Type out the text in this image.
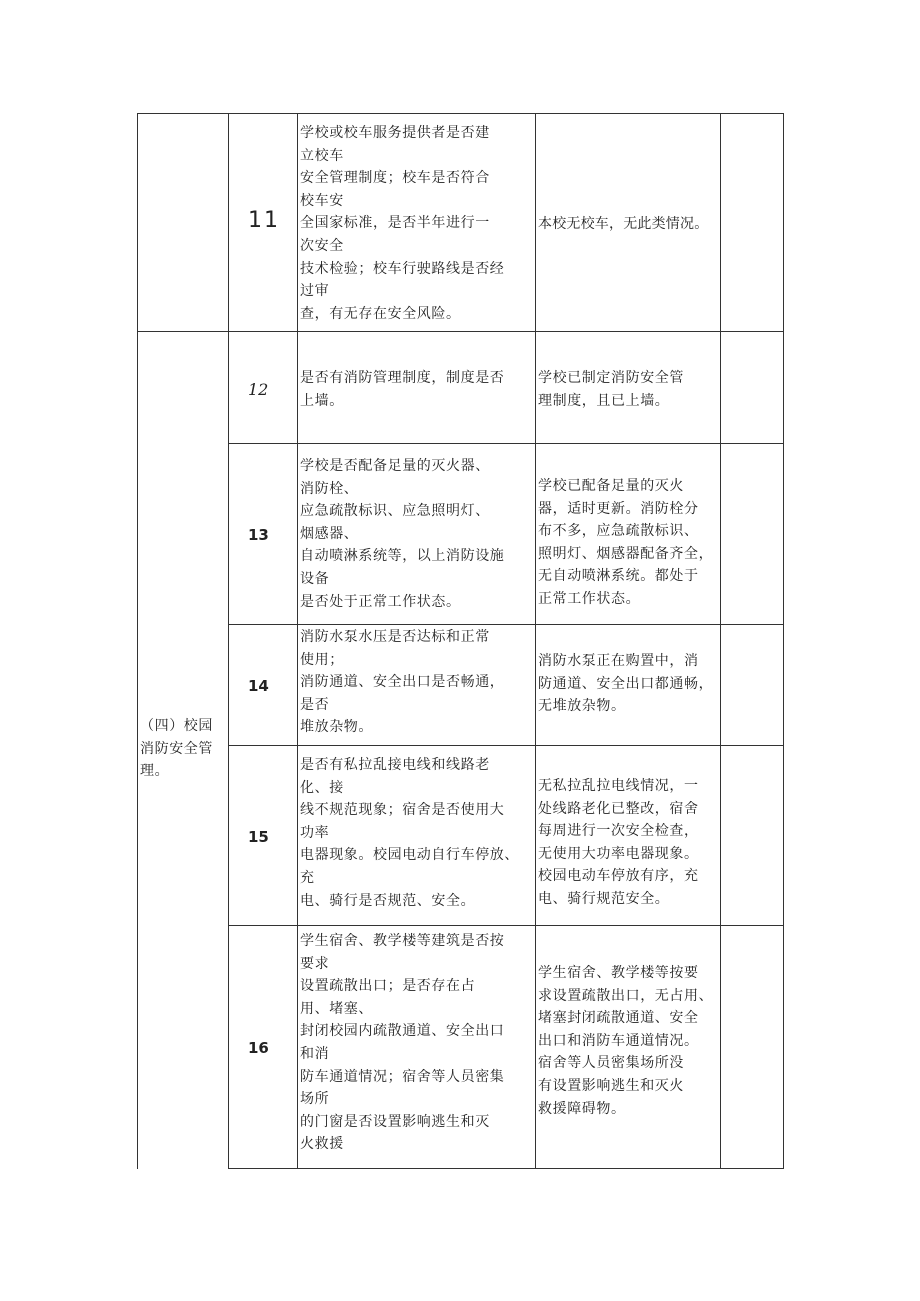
（四）校园
消防安全管
理。
11
学校或校车服务提供者是否建
立校车
安全管理制度；校车是否符合
校车安
全国家标准，是否半年进行一
次安全
技术检验；校车行驶路线是否经
过审
查，有无存在安全风险。
本校无校车，无此类情况。
12
是否有消防管理制度，制度是否
上墙。
学校已制定消防安全管
理制度，且已上墙。
13
学校是否配备足量的灭火器、
消防栓、
应急疏散标识、应急照明灯、
烟感器、
自动喷淋系统等，以上消防设施
设备
是否处于正常工作状态。
学校已配备足量的灭火
器，适时更新。消防栓分
布不多，应急疏散标识、
照明灯、烟感器配备齐全，
无自动喷淋系统。都处于
正常工作状态。
14
消防水泵水压是否达标和正常
使用；
消防通道、安全出口是否畅通，
是否
堆放杂物。
消防水泵正在购置中，消
防通道、安全出口都通畅，
无堆放杂物。
15
是否有私拉乱接电线和线路老
化、接
线不规范现象；宿舍是否使用大
功率
电器现象。校园电动自行车停放、
充
电、骑行是否规范、安全。
无私拉乱拉电线情况，一
处线路老化已整改，宿舍
每周进行一次安全检查，
无使用大功率电器现象。
校园电动车停放有序，充
电、骑行规范安全。
16
学生宿舍、教学楼等建筑是否按
要求
设置疏散出口；是否存在占
用、堵塞、
封闭校园内疏散通道、安全出口
和消
防车通道情况；宿舍等人员密集
场所
的门窗是否设置影响逃生和灭
火救援
学生宿舍、教学楼等按要
求设置疏散出口，无占用、
堵塞封闭疏散通道、安全
出口和消防车通道情况。
宿舍等人员密集场所没
有设置影响逃生和灭火
救援障碍物。
